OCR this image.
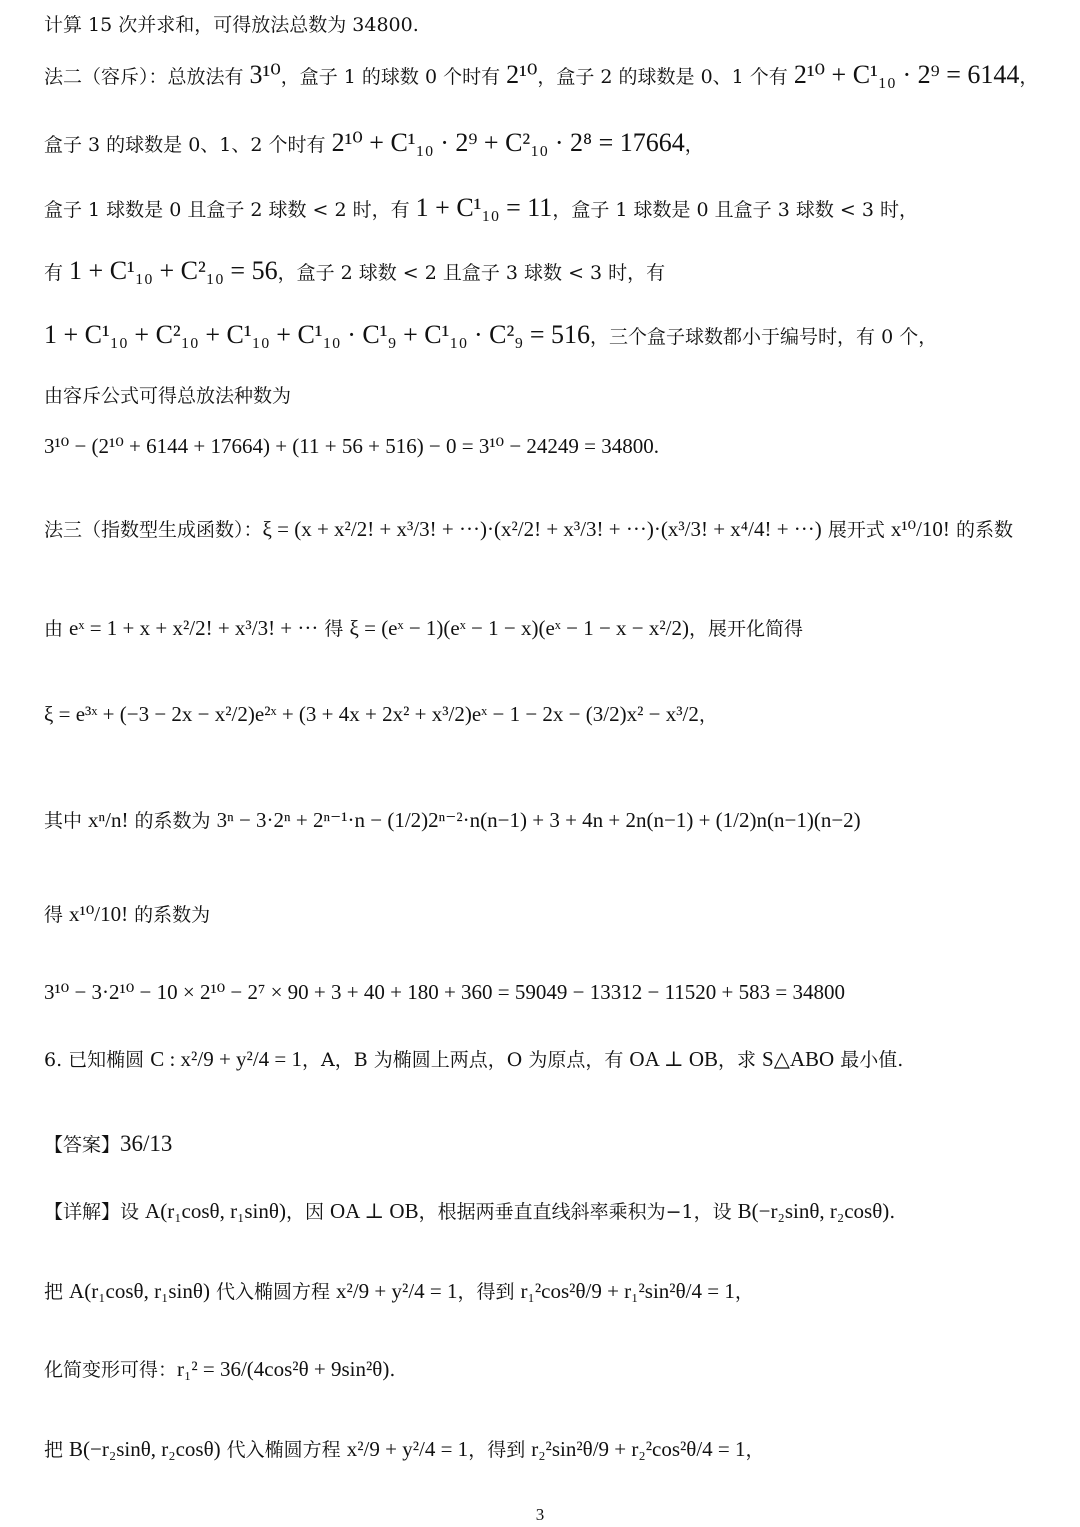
计算 15 次并求和，可得放法总数为 34800.
法二（容斥）：总放法有 3¹⁰，盒子 1 的球数 0 个时有 2¹⁰，盒子 2 的球数是 0、1 个有 2¹⁰ + C¹₁₀ · 2⁹ = 6144，
盒子 3 的球数是 0、1、2 个时有 2¹⁰ + C¹₁₀ · 2⁹ + C²₁₀ · 2⁸ = 17664，
盒子 1 球数是 0 且盒子 2 球数 < 2 时，有 1 + C¹₁₀ = 11，盒子 1 球数是 0 且盒子 3 球数 < 3 时，
有 1 + C¹₁₀ + C²₁₀ = 56，盒子 2 球数 < 2 且盒子 3 球数 < 3 时，有
1 + C¹₁₀ + C²₁₀ + C¹₁₀ + C¹₁₀ · C¹₉ + C¹₁₀ · C²₉ = 516，三个盒子球数都小于编号时，有 0 个，
由容斥公式可得总放法种数为
3¹⁰ − (2¹⁰ + 6144 + 17664) + (11 + 56 + 516) − 0 = 3¹⁰ − 24249 = 34800.
法三（指数型生成函数）：ξ = (x + x²/2! + x³/3! + ···)·(x²/2! + x³/3! + ···)·(x³/3! + x⁴/4! + ···) 展开式 x¹⁰/10! 的系数
由 eˣ = 1 + x + x²/2! + x³/3! + ··· 得 ξ = (eˣ − 1)(eˣ − 1 − x)(eˣ − 1 − x − x²/2)，展开化简得
ξ = e³ˣ + (−3 − 2x − x²/2)e²ˣ + (3 + 4x + 2x² + x³/2)eˣ − 1 − 2x − (3/2)x² − x³/2，
其中 xⁿ/n! 的系数为 3ⁿ − 3·2ⁿ + 2ⁿ⁻¹·n − (1/2)2ⁿ⁻²·n(n−1) + 3 + 4n + 2n(n−1) + (1/2)n(n−1)(n−2)
得 x¹⁰/10! 的系数为
3¹⁰ − 3·2¹⁰ − 10 × 2¹⁰ − 2⁷ × 90 + 3 + 40 + 180 + 360 = 59049 − 13312 − 11520 + 583 = 34800
6. 已知椭圆 C : x²/9 + y²/4 = 1，A，B 为椭圆上两点，O 为原点，有 OA ⊥ OB，求 S△ABO 最小值.
【答案】36/13
【详解】设 A(r₁cosθ, r₁sinθ)，因 OA ⊥ OB，根据两垂直直线斜率乘积为−1，设 B(−r₂sinθ, r₂cosθ).
把 A(r₁cosθ, r₁sinθ) 代入椭圆方程 x²/9 + y²/4 = 1，得到 r₁²cos²θ/9 + r₁²sin²θ/4 = 1，
化简变形可得：r₁² = 36/(4cos²θ + 9sin²θ).
把 B(−r₂sinθ, r₂cosθ) 代入椭圆方程 x²/9 + y²/4 = 1，得到 r₂²sin²θ/9 + r₂²cos²θ/4 = 1，
3
